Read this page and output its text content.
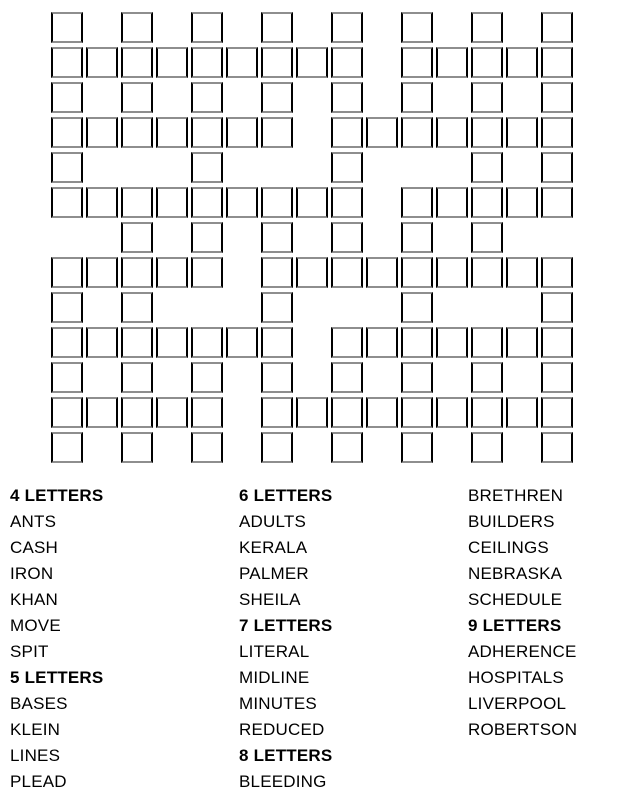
4 LETTERS
ANTS
CASH
IRON
KHAN
MOVE
SPIT
5 LETTERS
BASES
KLEIN
LINES
PLEAD
6 LETTERS
ADULTS
KERALA
PALMER
SHEILA
7 LETTERS
LITERAL
MIDLINE
MINUTES
REDUCED
8 LETTERS
BLEEDING
BRETHREN
BUILDERS
CEILINGS
NEBRASKA
SCHEDULE
9 LETTERS
ADHERENCE
HOSPITALS
LIVERPOOL
ROBERTSON
